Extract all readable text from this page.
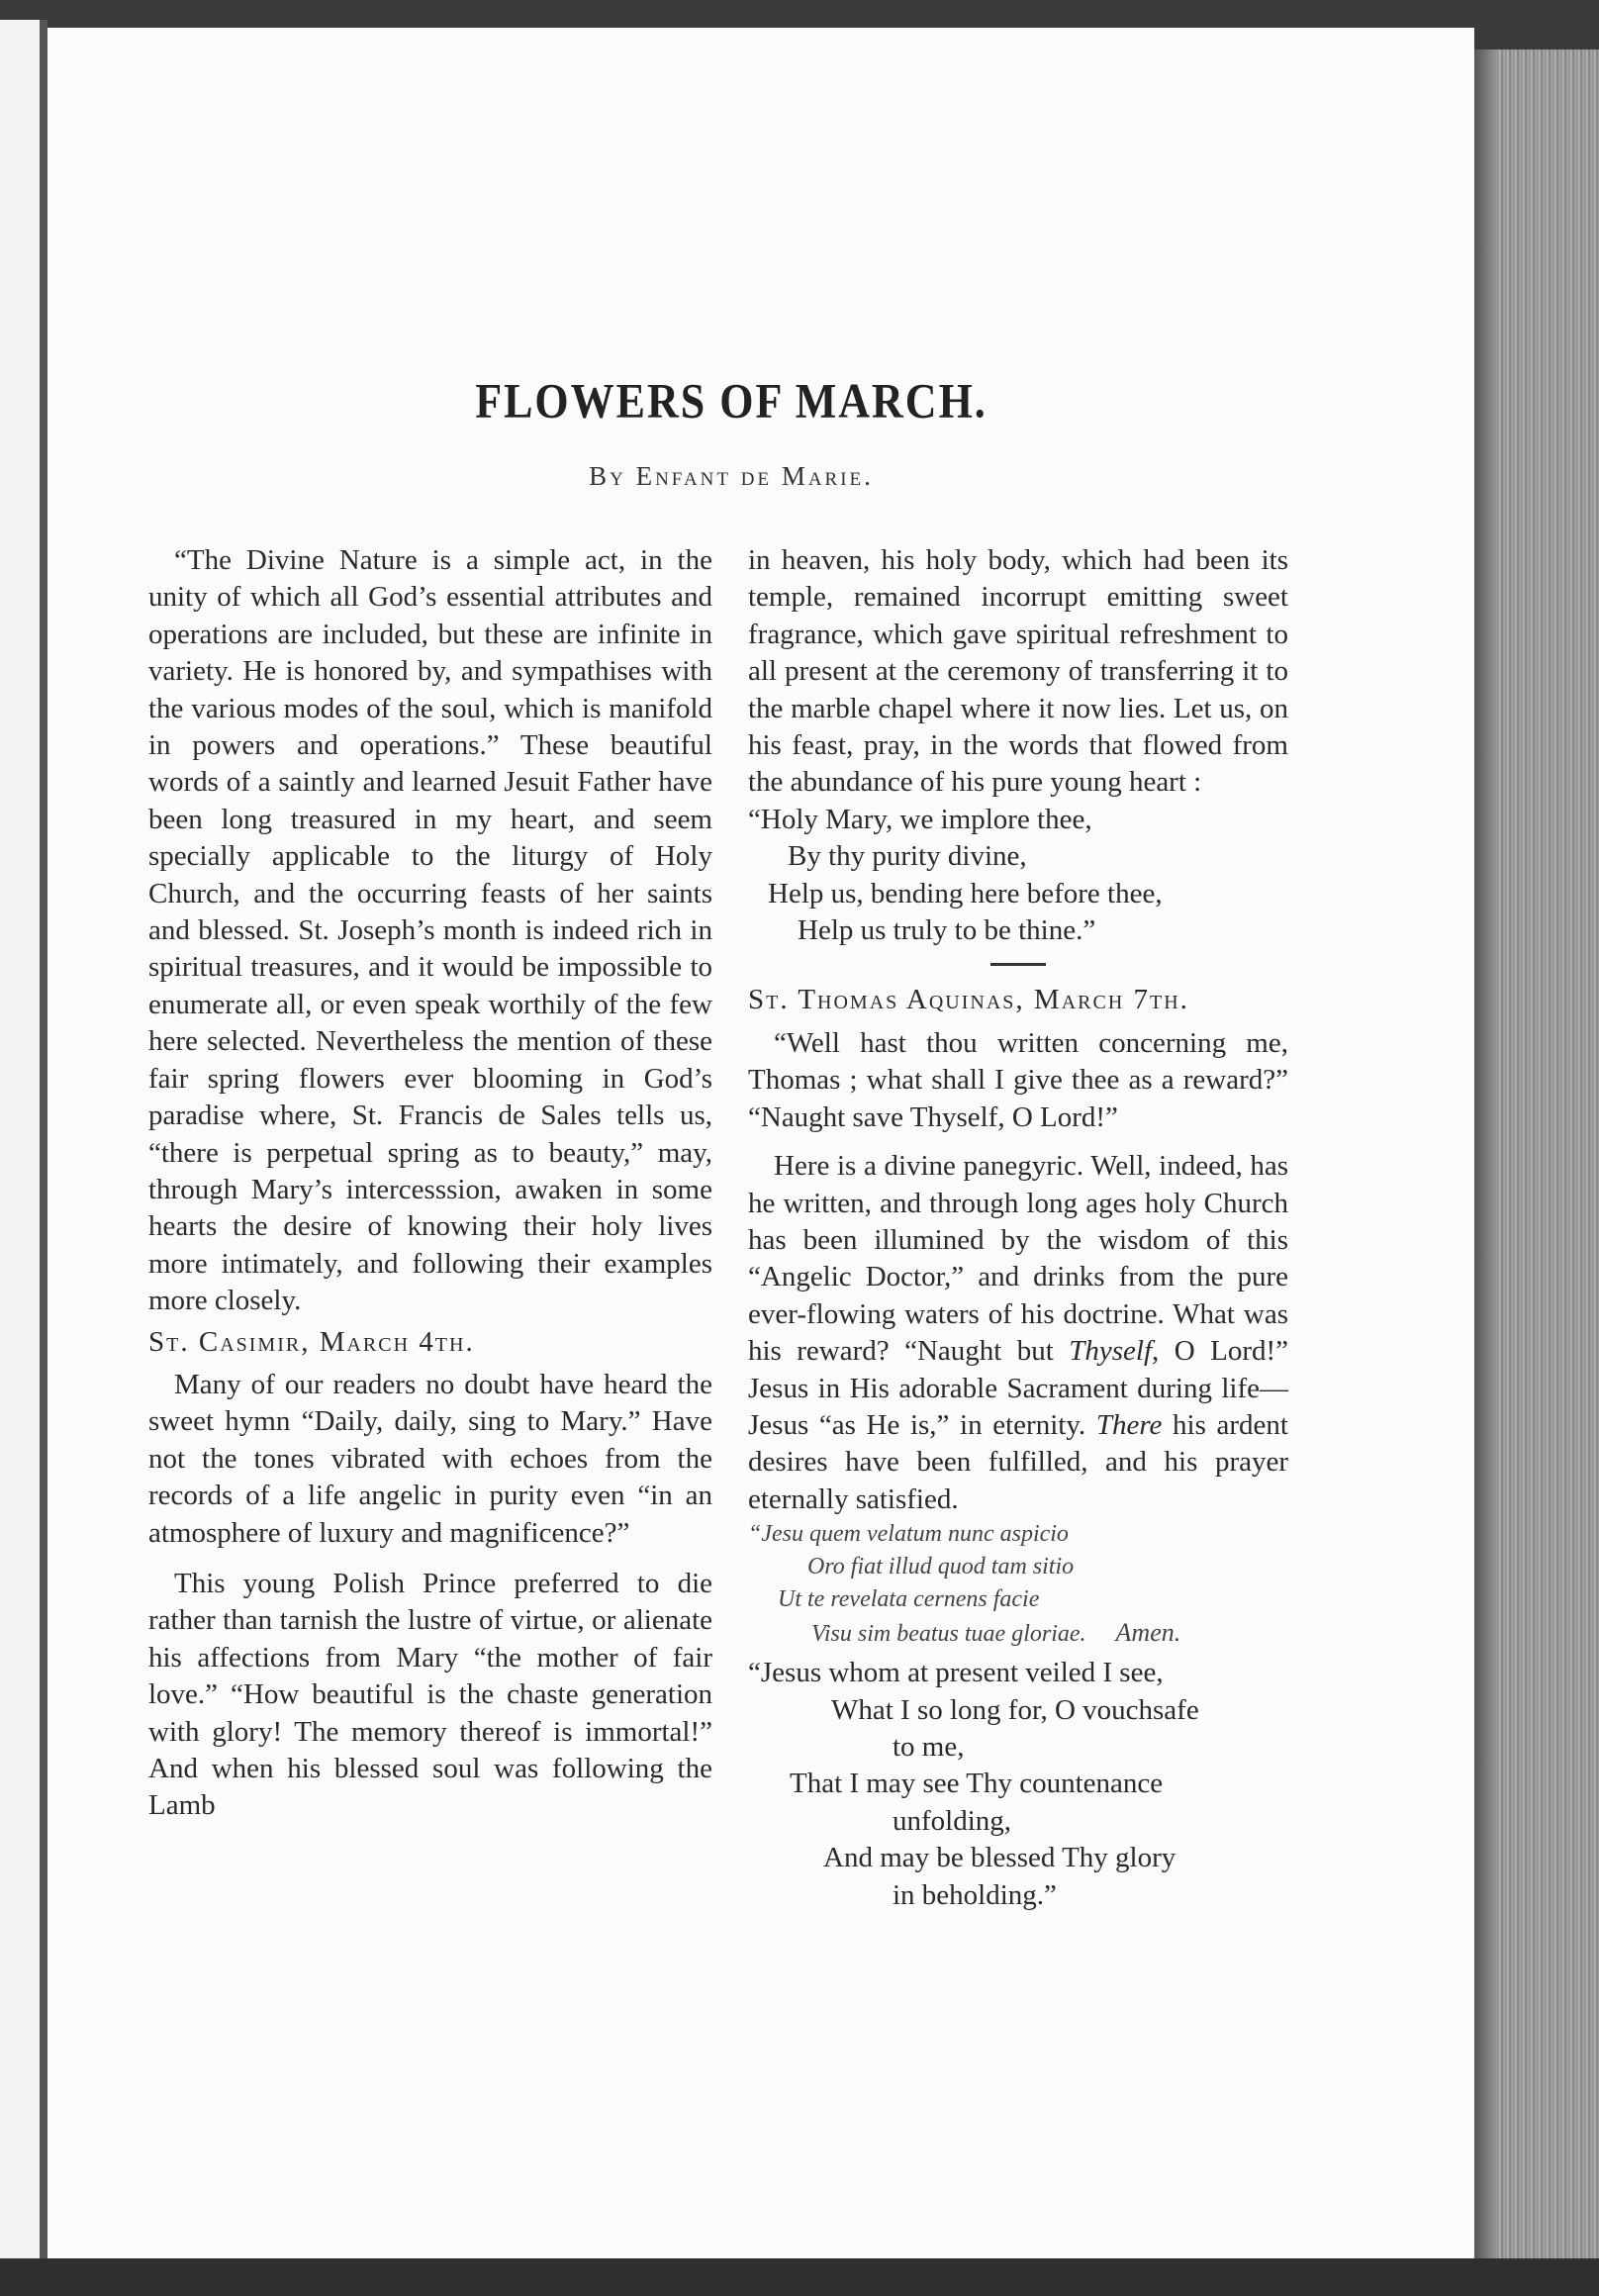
FLOWERS OF MARCH.
By Enfant de Marie.

“The Divine Nature is a simple act, in the unity of which all God’s essential attributes and operations are included, but these are infinite in variety. He is honored by, and sympathises with the various modes of the soul, which is manifold in powers and operations.” These beautiful words of a saintly and learned Jesuit Father have been long treasured in my heart, and seem specially applicable to the liturgy of Holy Church, and the occurring feasts of her saints and blessed. St. Joseph’s month is indeed rich in spiritual treasures, and it would be impossible to enumerate all, or even speak worthily of the few here selected. Nevertheless the mention of these fair spring flowers ever blooming in God’s paradise where, St. Francis de Sales tells us, “there is perpetual spring as to beauty,” may, through Mary’s intercesssion, awaken in some hearts the desire of knowing their holy lives more intimately, and following their examples more closely.

St. Casimir, March 4th.

Many of our readers no doubt have heard the sweet hymn “Daily, daily, sing to Mary.” Have not the tones vibrated with echoes from the records of a life angelic in purity even “in an atmosphere of luxury and magnificence?”

This young Polish Prince preferred to die rather than tarnish the lustre of virtue, or alienate his affections from Mary “the mother of fair love.” “How beautiful is the chaste generation with glory! The memory thereof is immortal!” And when his blessed soul was following the Lamb

in heaven, his holy body, which had been its temple, remained incorrupt emitting sweet fragrance, which gave spiritual refreshment to all present at the ceremony of transferring it to the marble chapel where it now lies. Let us, on his feast, pray, in the words that flowed from the abundance of his pure young heart :

“Holy Mary, we implore thee,
By thy purity divine,
Help us, bending here before thee,
Help us truly to be thine.”

St. Thomas Aquinas, March 7th.

“Well hast thou written concerning me, Thomas ; what shall I give thee as a reward?” “Naught save Thyself, O Lord!”

Here is a divine panegyric. Well, indeed, has he written, and through long ages holy Church has been illumined by the wisdom of this “Angelic Doctor,” and drinks from the pure ever-flowing waters of his doctrine. What was his reward? “Naught but Thyself, O Lord!” Jesus in His adorable Sacrament during life—Jesus “as He is,” in eternity. There his ardent desires have been fulfilled, and his prayer eternally satisfied.

“Jesu quem velatum nunc aspicio
Oro fiat illud quod tam sitio
Ut te revelata cernens facie
Visu sim beatus tuae gloriae. Amen.
“Jesus whom at present veiled I see,
What I so long for, O vouchsafe
to me,
That I may see Thy countenance
unfolding,
And may be blessed Thy glory
in beholding.”
